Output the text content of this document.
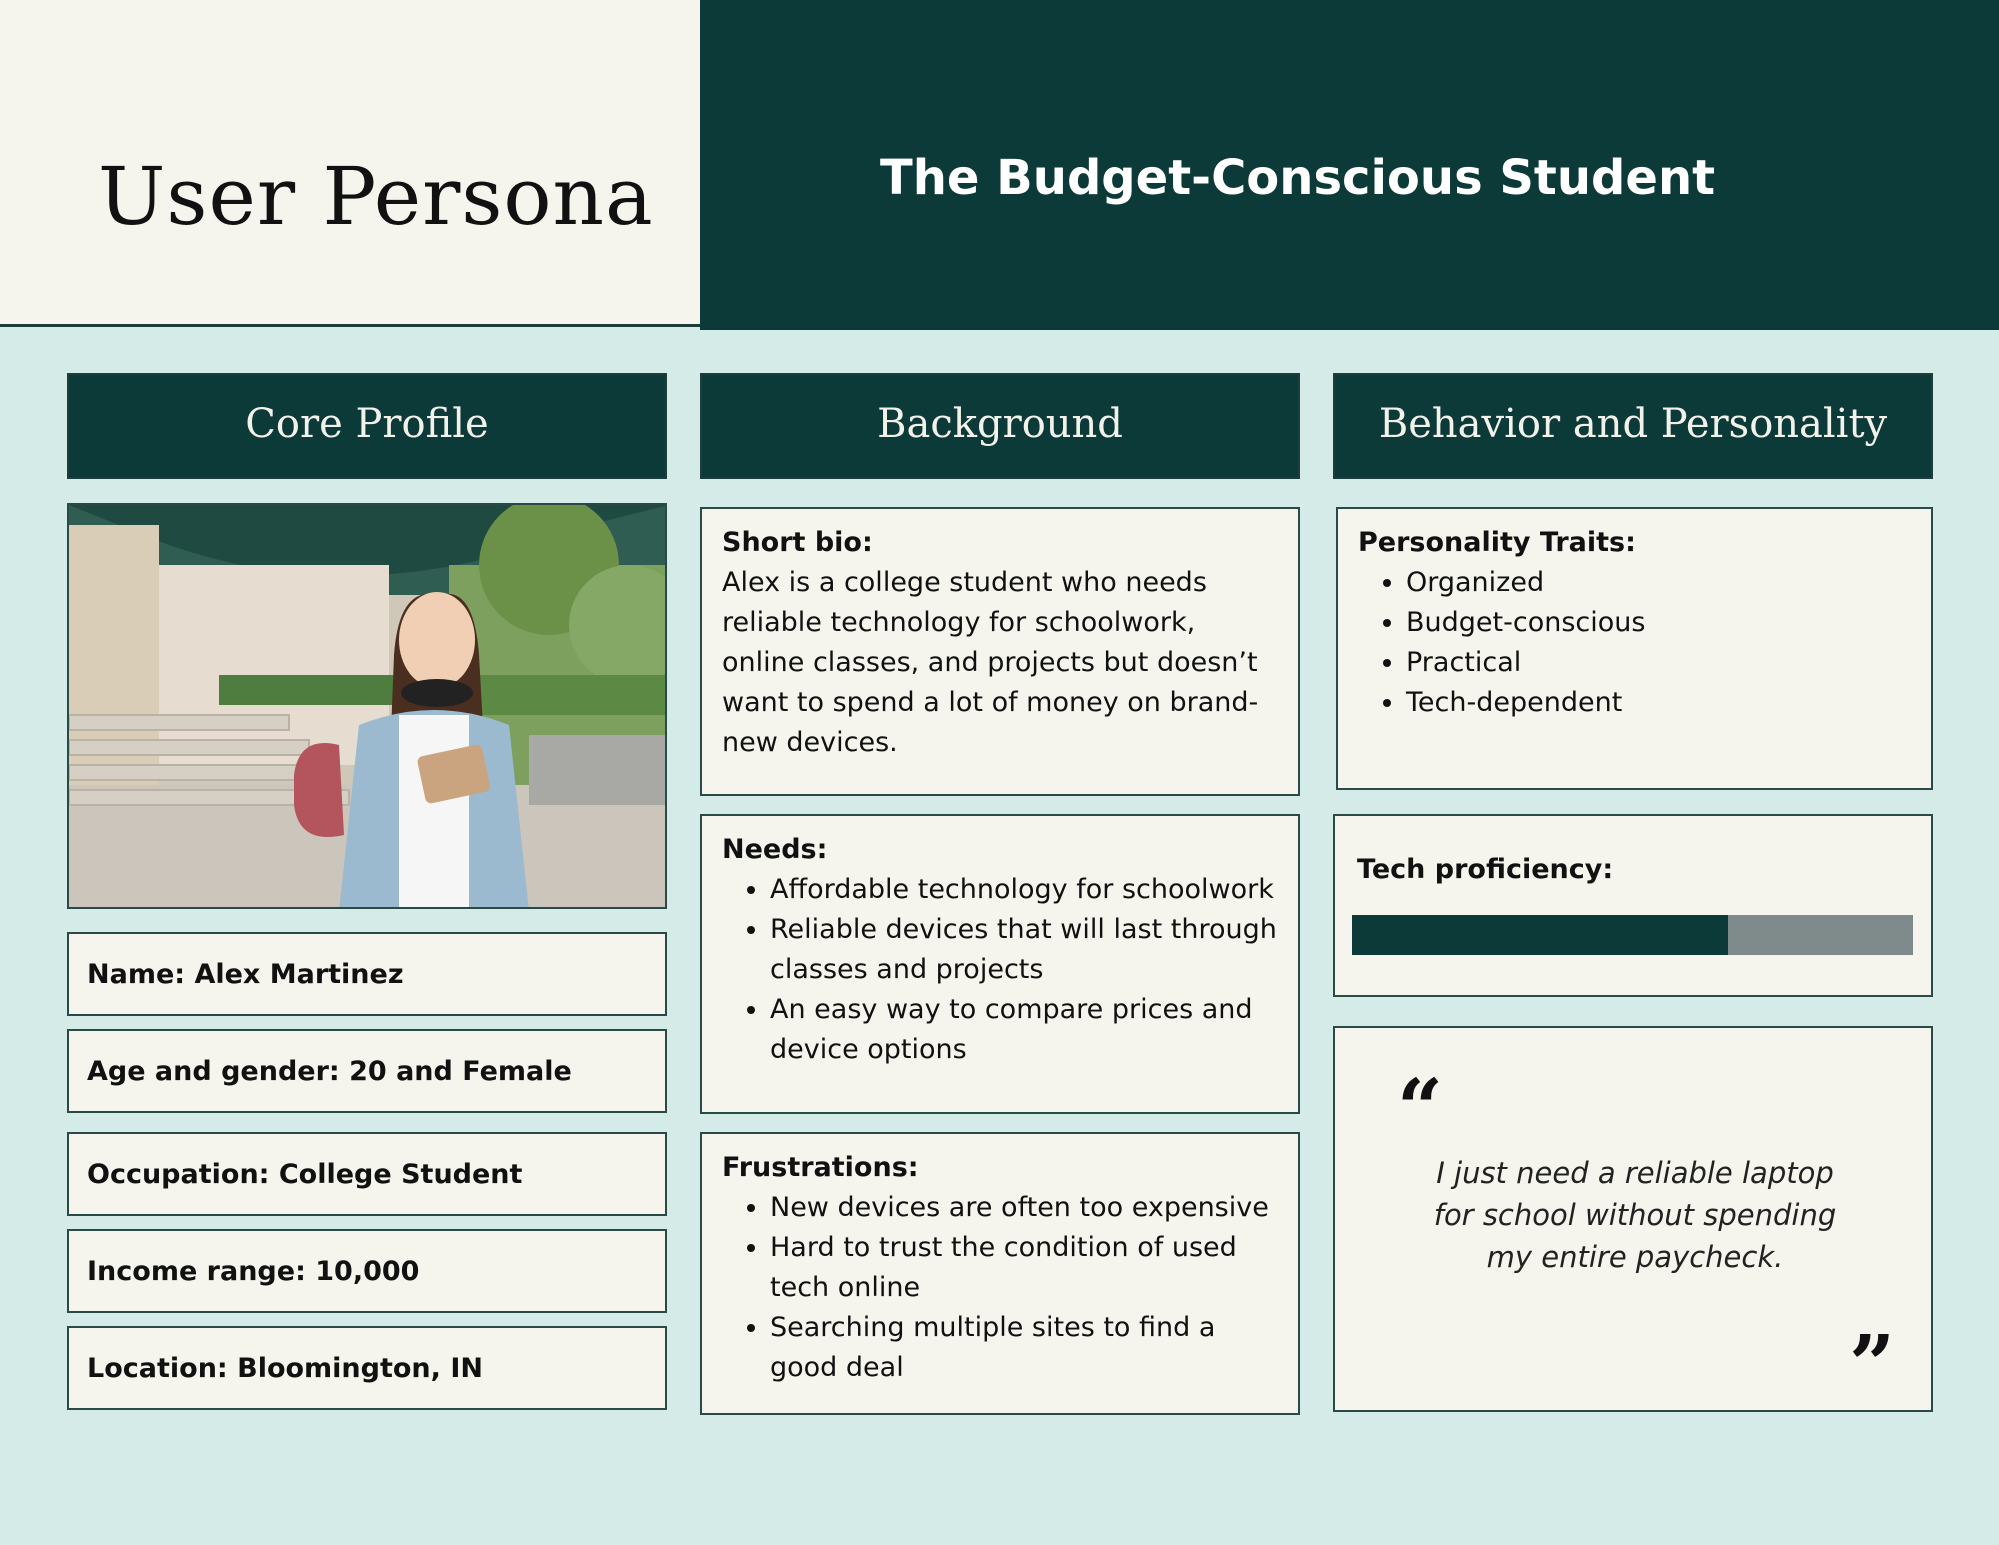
User Persona	The Budget-Conscious Student
Core Profile	Background	Behavior and Personality
Name: Alex Martinez
Age and gender: 20 and Female
Occupation: College Student
Income range: 10,000
Location: Bloomington, IN
Short bio:
Alex is a college student who needs reliable technology for schoolwork, online classes, and projects but doesn’t want to spend a lot of money on brand-new devices.
Needs:
• Affordable technology for schoolwork
• Reliable devices that will last through classes and projects
• An easy way to compare prices and device options
Frustrations:
• New devices are often too expensive
• Hard to trust the condition of used tech online
• Searching multiple sites to find a good deal
Personality Traits:
• Organized
• Budget-conscious
• Practical
• Tech-dependent
Tech proficiency:
“
I just need a reliable laptop for school without spending my entire paycheck.
”
